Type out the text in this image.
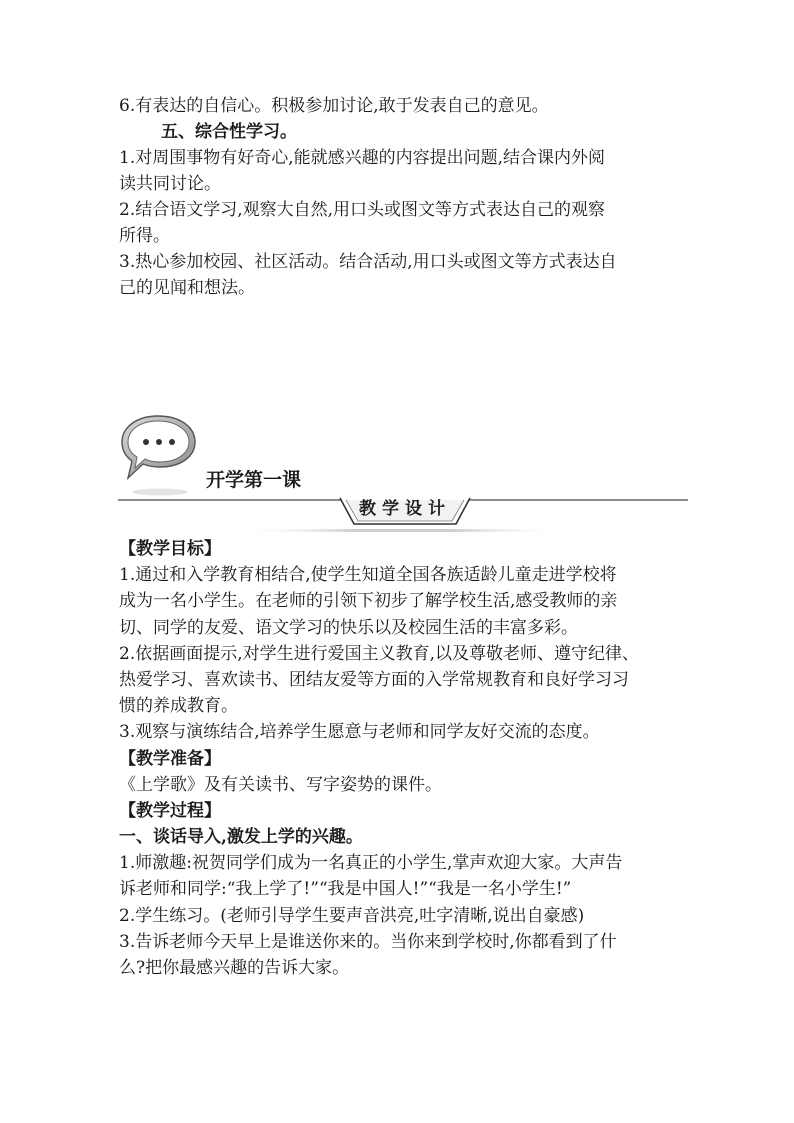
6.有表达的自信心。积极参加讨论,敢于发表自己的意见。
五、综合性学习。
1.对周围事物有好奇心,能就感兴趣的内容提出问题,结合课内外阅
读共同讨论。
2.结合语文学习,观察大自然,用口头或图文等方式表达自己的观察
所得。
3.热心参加校园、社区活动。结合活动,用口头或图文等方式表达自
己的见闻和想法。
开学第一课
教学设计
【教学目标】
1.通过和入学教育相结合,使学生知道全国各族适龄儿童走进学校将
成为一名小学生。在老师的引领下初步了解学校生活,感受教师的亲
切、同学的友爱、语文学习的快乐以及校园生活的丰富多彩。
2.依据画面提示,对学生进行爱国主义教育,以及尊敬老师、遵守纪律、
热爱学习、喜欢读书、团结友爱等方面的入学常规教育和良好学习习
惯的养成教育。
3.观察与演练结合,培养学生愿意与老师和同学友好交流的态度。
【教学准备】
《上学歌》及有关读书、写字姿势的课件。
【教学过程】
一、谈话导入,激发上学的兴趣。
1.师激趣:祝贺同学们成为一名真正的小学生,掌声欢迎大家。大声告
诉老师和同学:“我上学了!”“我是中国人!”“我是一名小学生!”
2.学生练习。(老师引导学生要声音洪亮,吐字清晰,说出自豪感)
3.告诉老师今天早上是谁送你来的。当你来到学校时,你都看到了什
么?把你最感兴趣的告诉大家。
